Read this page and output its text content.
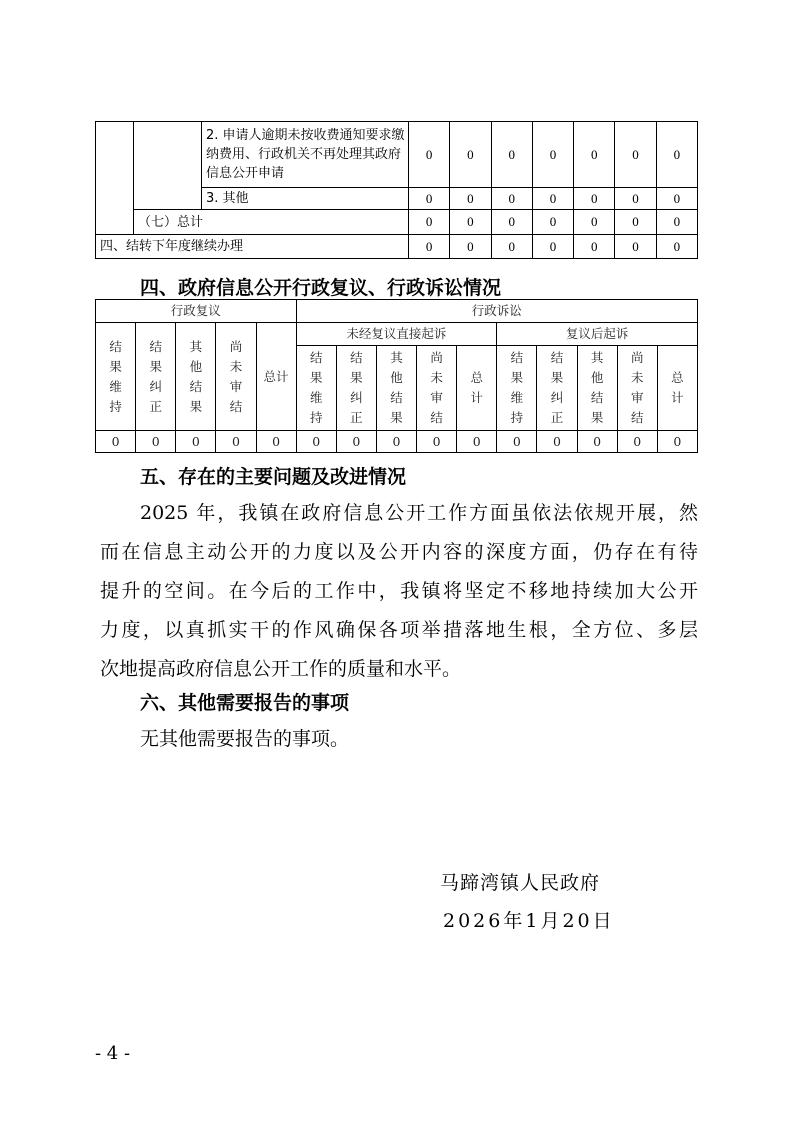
		2. 申请人逾期未按收费通知要求缴纳费用、行政机关不再处理其政府信息公开申请	0	0	0	0	0	0	0
		3. 其他	0	0	0	0	0	0	0
	（七）总计		0	0	0	0	0	0	0
四、结转下年度继续办理			0	0	0	0	0	0	0
四、政府信息公开行政复议、行政诉讼情况
行政复议					行政诉讼									

结果维持	结果纠正	其他结果	尚未审结	总计	未经复议直接起诉					复议后起诉				

					结果维持	结果纠正	其他结果	尚未审结	总计	结果维持	结果纠正	其他结果	尚未审结	总计

0	0	0	0	0	0	0	0	0	0	0	0	0	0	0
五、存在的主要问题及改进情况
2025 年，我镇在政府信息公开工作方面虽依法依规开展，然
而在信息主动公开的力度以及公开内容的深度方面，仍存在有待
提升的空间。在今后的工作中，我镇将坚定不移地持续加大公开
力度，以真抓实干的作风确保各项举措落地生根，全方位、多层
次地提高政府信息公开工作的质量和水平。
六、其他需要报告的事项
无其他需要报告的事项。
马蹄湾镇人民政府
2026年1月20日
- 4 -
